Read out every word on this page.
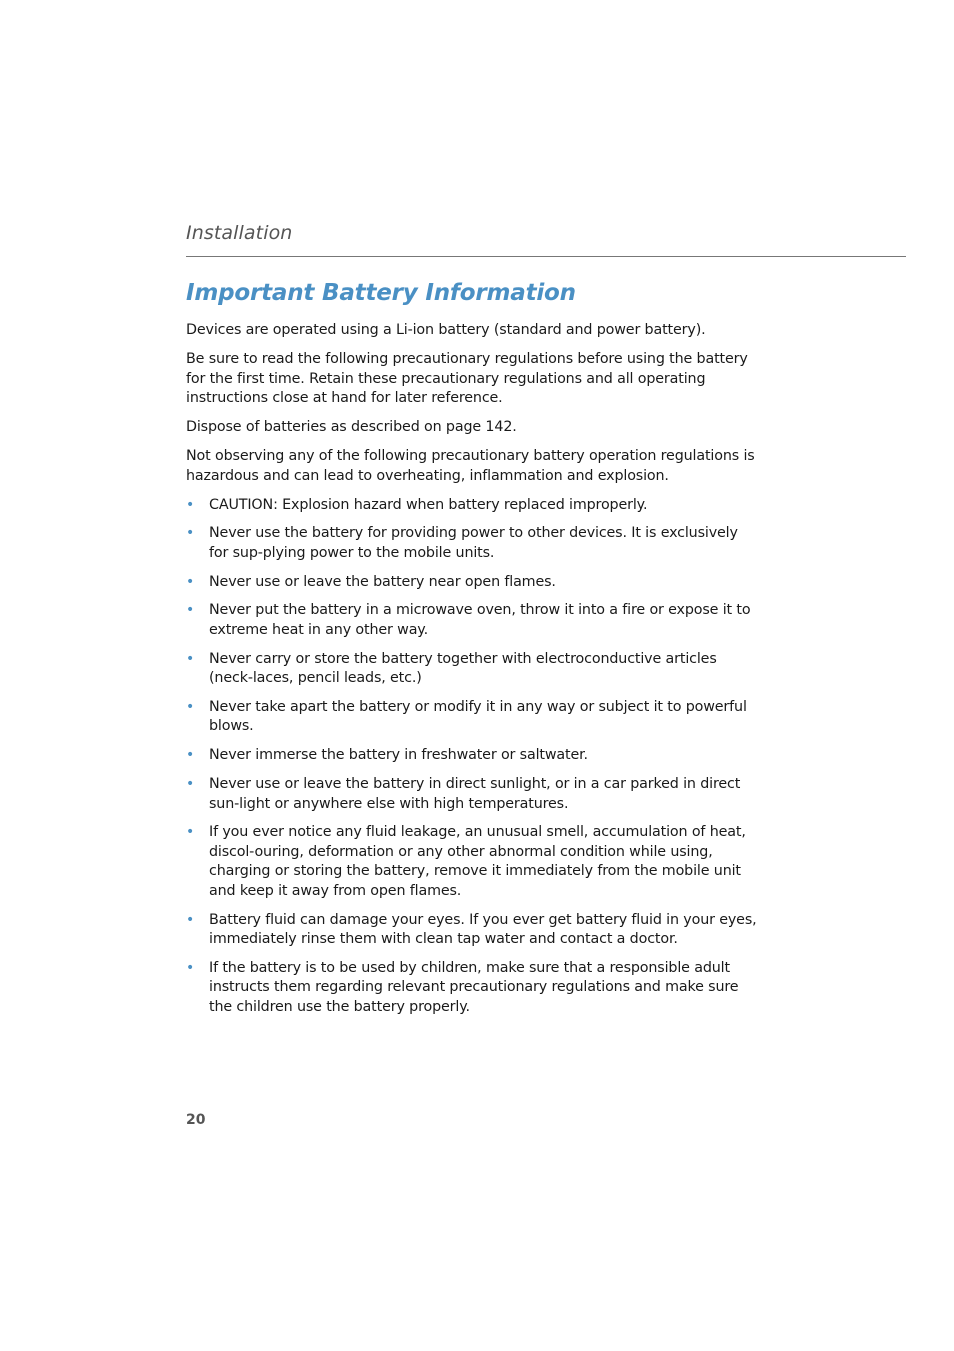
Installation
Important Battery Information

Devices are operated using a Li-ion battery (standard and power battery).

Be sure to read the following precautionary regulations before using the battery for the first time. Retain these precautionary regulations and all operating instructions close at hand for later reference.

Dispose of batteries as described on page 142.

Not observing any of the following precautionary battery operation regulations is hazardous and can lead to overheating, inflammation and explosion.

• CAUTION: Explosion hazard when battery replaced improperly.
• Never use the battery for providing power to other devices. It is exclusively for sup-plying power to the mobile units.
• Never use or leave the battery near open flames.
• Never put the battery in a microwave oven, throw it into a fire or expose it to extreme heat in any other way.
• Never carry or store the battery together with electroconductive articles (neck-laces, pencil leads, etc.)
• Never take apart the battery or modify it in any way or subject it to powerful blows.
• Never immerse the battery in freshwater or saltwater.
• Never use or leave the battery in direct sunlight, or in a car parked in direct sun-light or anywhere else with high temperatures.
• If you ever notice any fluid leakage, an unusual smell, accumulation of heat, discol-ouring, deformation or any other abnormal condition while using, charging or storing the battery, remove it immediately from the mobile unit and keep it away from open flames.
• Battery fluid can damage your eyes. If you ever get battery fluid in your eyes, immediately rinse them with clean tap water and contact a doctor.
• If the battery is to be used by children, make sure that a responsible adult instructs them regarding relevant precautionary regulations and make sure the children use the battery properly.
20
